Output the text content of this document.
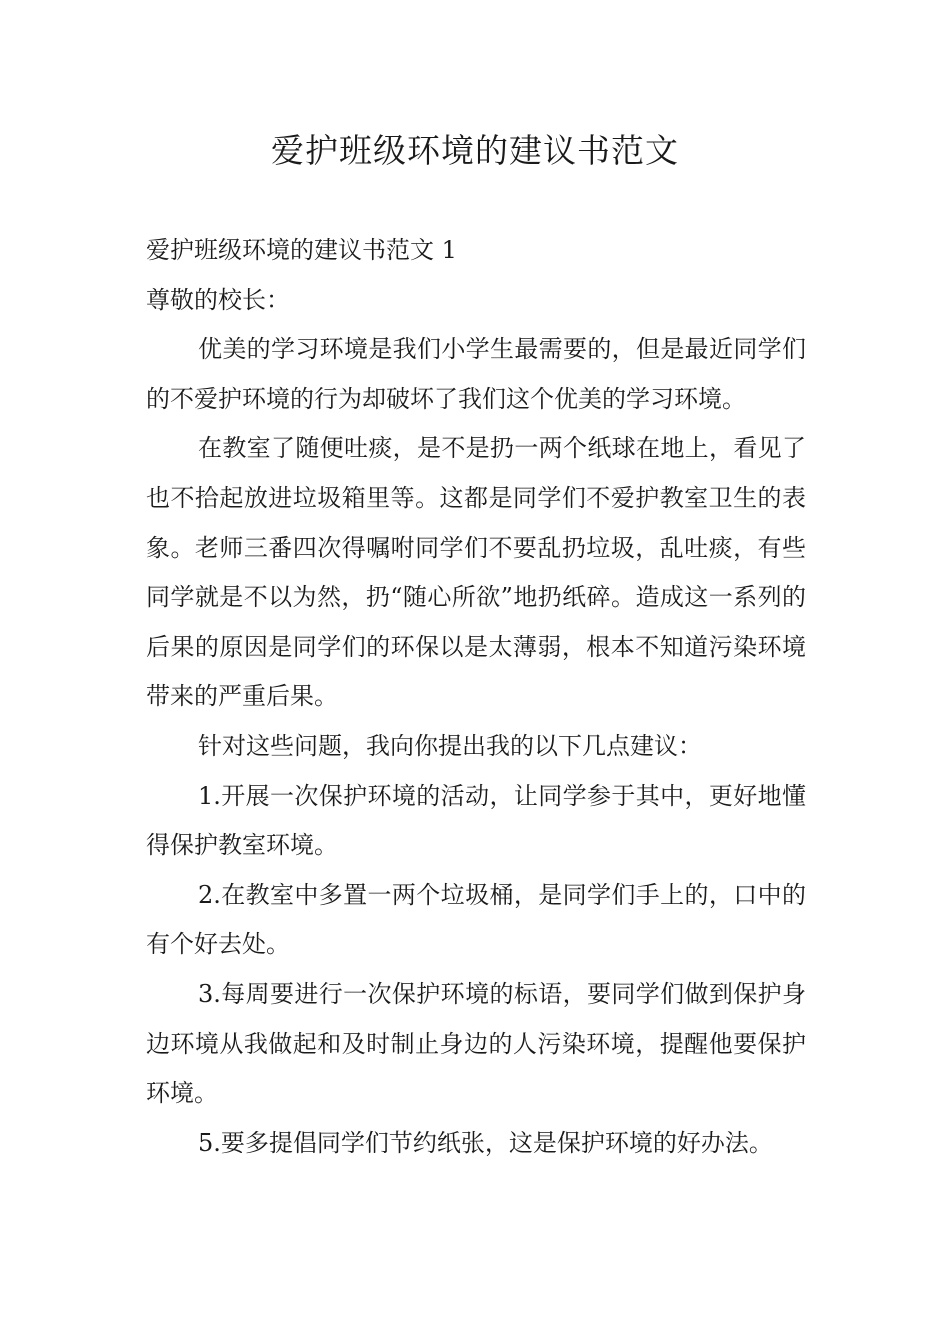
爱护班级环境的建议书范文

爱护班级环境的建议书范文 1

尊敬的校长：

优美的学习环境是我们小学生最需要的，但是最近同学们的不爱护环境的行为却破坏了我们这个优美的学习环境。

在教室了随便吐痰，是不是扔一两个纸球在地上，看见了也不拾起放进垃圾箱里等。这都是同学们不爱护教室卫生的表象。老师三番四次得嘱咐同学们不要乱扔垃圾，乱吐痰，有些同学就是不以为然，扔“随心所欲”地扔纸碎。造成这一系列的后果的原因是同学们的环保以是太薄弱，根本不知道污染环境带来的严重后果。

针对这些问题，我向你提出我的以下几点建议：

1.开展一次保护环境的活动，让同学参于其中，更好地懂得保护教室环境。

2.在教室中多置一两个垃圾桶，是同学们手上的，口中的有个好去处。

3.每周要进行一次保护环境的标语，要同学们做到保护身边环境从我做起和及时制止身边的人污染环境，提醒他要保护环境。

5.要多提倡同学们节约纸张，这是保护环境的好办法。
